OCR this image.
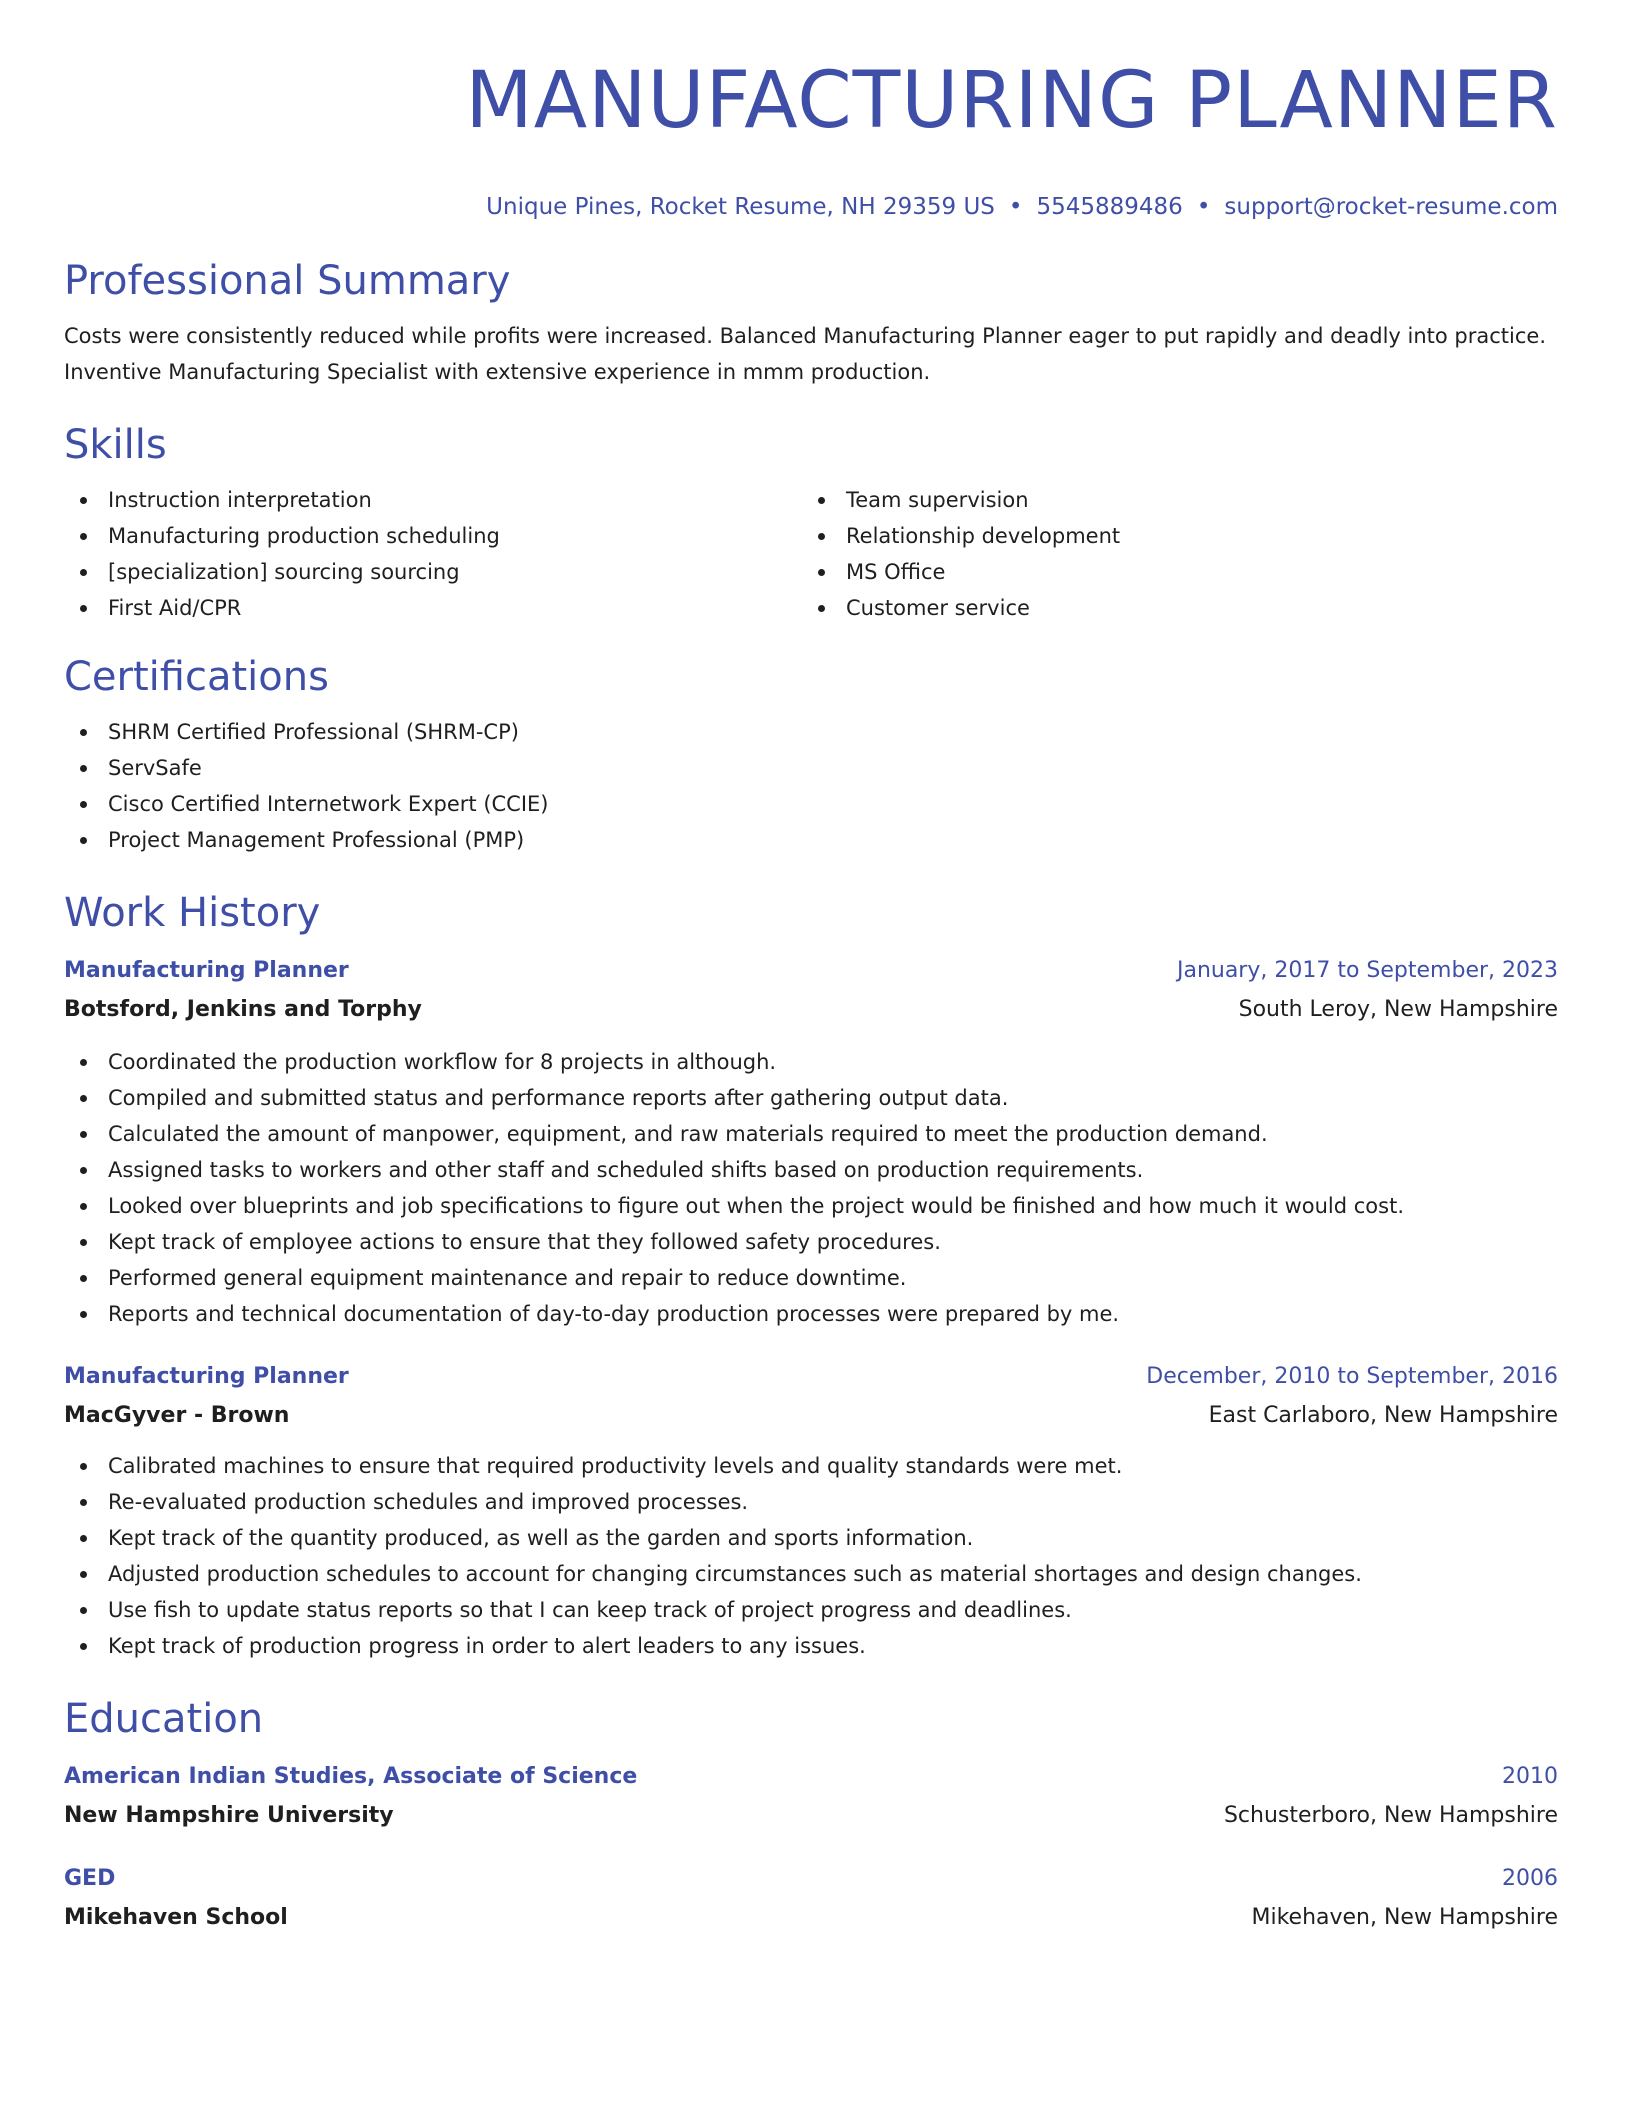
MANUFACTURING PLANNER
Unique Pines, Rocket Resume, NH 29359 US • 5545889486 • support@rocket-resume.com
Professional Summary

Costs were consistently reduced while profits were increased. Balanced Manufacturing Planner eager to put rapidly and deadly into practice. Inventive Manufacturing Specialist with extensive experience in mmm production.

Skills
Instruction interpretation
Manufacturing production scheduling
[specialization] sourcing sourcing
First Aid/CPR
Team supervision
Relationship development
MS Office
Customer service
Certifications
SHRM Certified Professional (SHRM-CP)
ServSafe
Cisco Certified Internetwork Expert (CCIE)
Project Management Professional (PMP)
Work History
Manufacturing Planner	January, 2017 to September, 2023
Botsford, Jenkins and Torphy	South Leroy, New Hampshire
Coordinated the production workflow for 8 projects in although.
Compiled and submitted status and performance reports after gathering output data.
Calculated the amount of manpower, equipment, and raw materials required to meet the production demand.
Assigned tasks to workers and other staff and scheduled shifts based on production requirements.
Looked over blueprints and job specifications to figure out when the project would be finished and how much it would cost.
Kept track of employee actions to ensure that they followed safety procedures.
Performed general equipment maintenance and repair to reduce downtime.
Reports and technical documentation of day-to-day production processes were prepared by me.
Manufacturing Planner	December, 2010 to September, 2016
MacGyver - Brown	East Carlaboro, New Hampshire
Calibrated machines to ensure that required productivity levels and quality standards were met.
Re-evaluated production schedules and improved processes.
Kept track of the quantity produced, as well as the garden and sports information.
Adjusted production schedules to account for changing circumstances such as material shortages and design changes.
Use fish to update status reports so that I can keep track of project progress and deadlines.
Kept track of production progress in order to alert leaders to any issues.
Education
American Indian Studies, Associate of Science	2010
New Hampshire University	Schusterboro, New Hampshire
GED	2006
Mikehaven School	Mikehaven, New Hampshire
